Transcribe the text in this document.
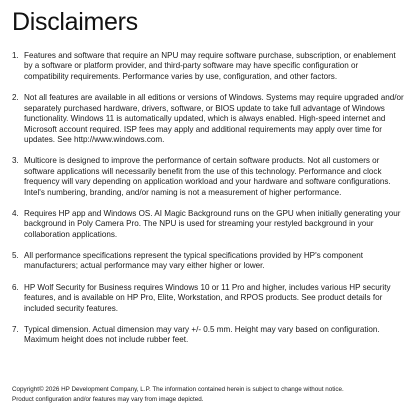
Disclaimers
1. Features and software that require an NPU may require software purchase, subscription, or enablement by a software or platform provider, and third-party software may have specific configuration or compatibility requirements. Performance varies by use, configuration, and other factors.
2. Not all features are available in all editions or versions of Windows. Systems may require upgraded and/or separately purchased hardware, drivers, software, or BIOS update to take full advantage of Windows functionality. Windows 11 is automatically updated, which is always enabled. High-speed internet and Microsoft account required. ISP fees may apply and additional requirements may apply over time for updates. See http://www.windows.com.
3. Multicore is designed to improve the performance of certain software products. Not all customers or software applications will necessarily benefit from the use of this technology. Performance and clock frequency will vary depending on application workload and your hardware and software configurations. Intel's numbering, branding, and/or naming is not a measurement of higher performance.
4. Requires HP app and Windows OS. AI Magic Background runs on the GPU when initially generating your background in Poly Camera Pro. The NPU is used for streaming your restyled background in your collaboration applications.
5. All performance specifications represent the typical specifications provided by HP's component manufacturers; actual performance may vary either higher or lower.
6. HP Wolf Security for Business requires Windows 10 or 11 Pro and higher, includes various HP security features, and is available on HP Pro, Elite, Workstation, and RPOS products. See product details for included security features.
7. Typical dimension. Actual dimension may vary +/- 0.5 mm. Height may vary based on configuration. Maximum height does not include rubber feet.
Copyright© 2026 HP Development Company, L.P. The information contained herein is subject to change without notice.
Product configuration and/or features may vary from image depicted.
